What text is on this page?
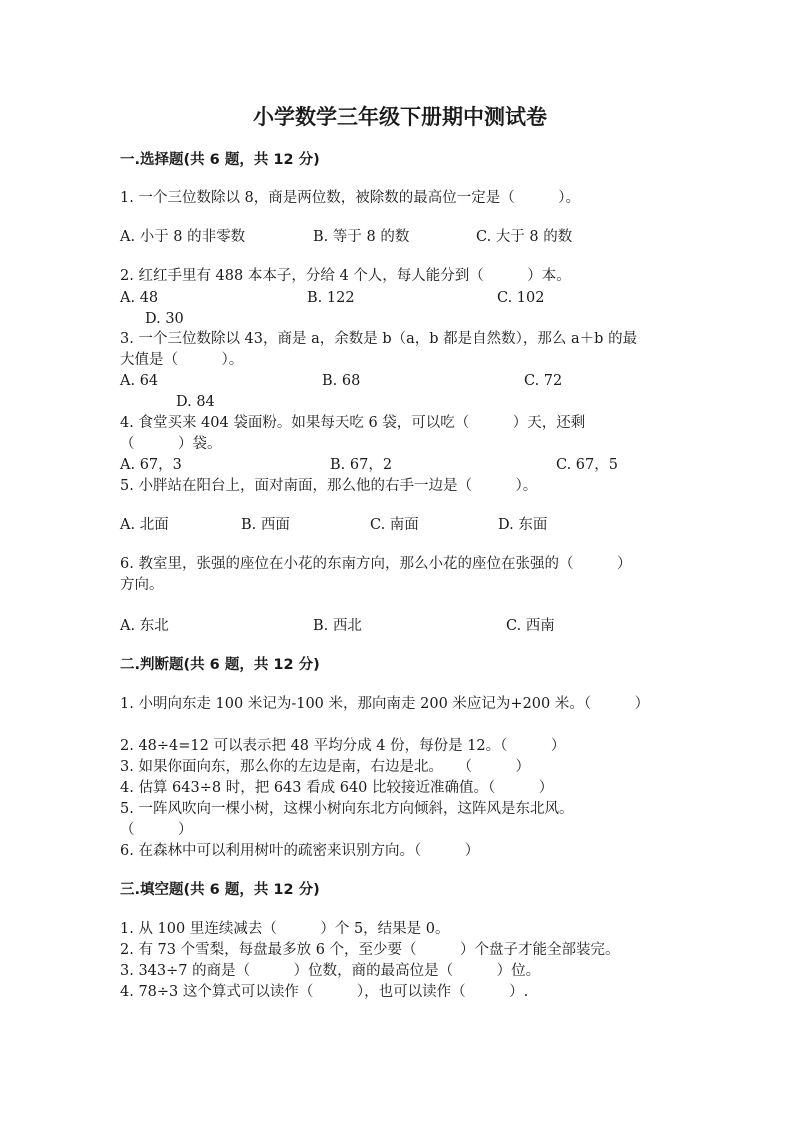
小学数学三年级下册期中测试卷
一.选择题(共 6 题，共 12 分)
1. 一个三位数除以 8，商是两位数，被除数的最高位一定是（　　　）。
A. 小于 8 的非零数	B. 等于 8 的数	C. 大于 8 的数
2. 红红手里有 488 本本子，分给 4 个人，每人能分到（　　　）本。
A. 48	B. 122	C. 102
D. 30
3. 一个三位数除以 43，商是 a，余数是 b（a，b 都是自然数），那么 a＋b 的最
大值是（　　　）。
A. 64	B. 68	C. 72
D. 84
4. 食堂买来 404 袋面粉。如果每天吃 6 袋，可以吃（　　　）天，还剩
（　　　）袋。
A. 67，3	B. 67，2	C. 67，5
5. 小胖站在阳台上，面对南面，那么他的右手一边是（　　　）。
A. 北面	B. 西面	C. 南面	D. 东面
6. 教室里，张强的座位在小花的东南方向，那么小花的座位在张强的（　　　）
方向。
A. 东北	B. 西北	C. 西南
二.判断题(共 6 题，共 12 分)
1. 小明向东走 100 米记为-100 米，那向南走 200 米应记为+200 米。（　　　）
2. 48÷4=12 可以表示把 48 平均分成 4 份，每份是 12。（　　　）
3. 如果你面向东，那么你的左边是南，右边是北。　　（　　　）
4. 估算 643÷8 时，把 643 看成 640 比较接近准确值。（　　　）
5. 一阵风吹向一棵小树，这棵小树向东北方向倾斜，这阵风是东北风。
（　　　）
6. 在森林中可以利用树叶的疏密来识别方向。（　　　）
三.填空题(共 6 题，共 12 分)
1. 从 100 里连续减去（　　　）个 5，结果是 0。
2. 有 73 个雪梨，每盘最多放 6 个，至少要（　　　）个盘子才能全部装完。
3. 343÷7 的商是（　　　）位数，商的最高位是（　　　）位。
4. 78÷3 这个算式可以读作（　　　），也可以读作（　　　）.
